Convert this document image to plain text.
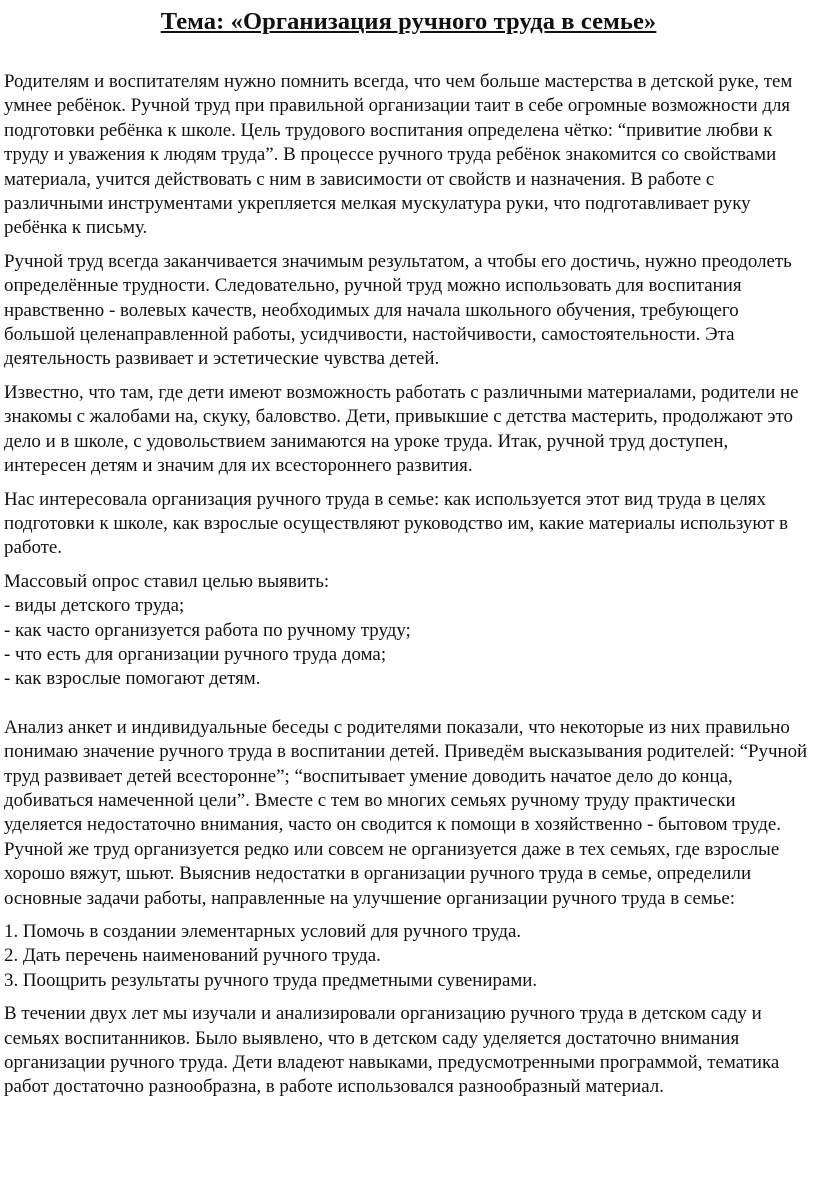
Тема: «Организация ручного труда в семье»

Родителям и воспитателям нужно помнить всегда, что чем больше мастерства в детской руке, тем умнее ребёнок. Ручной труд при правильной организации таит в себе огромные возможности для подготовки ребёнка к школе. Цель трудового воспитания определена чётко: “привитие любви к труду и уважения к людям труда”. В процессе ручного труда ребёнок знакомится со свойствами материала, учится действовать с ним в зависимости от свойств и назначения. В работе с различными инструментами укрепляется мелкая мускулатура руки, что подготавливает руку ребёнка к письму.

Ручной труд всегда заканчивается значимым результатом, а чтобы его достичь, нужно преодолеть определённые трудности. Следовательно, ручной труд можно использовать для воспитания нравственно - волевых качеств, необходимых для начала школьного обучения, требующего большой целенаправленной работы, усидчивости, настойчивости, самостоятельности. Эта деятельность развивает и эстетические чувства детей.

Известно, что там, где дети имеют возможность работать с различными материалами, родители не знакомы с жалобами на, скуку, баловство. Дети, привыкшие с детства мастерить, продолжают это дело и в школе, с удовольствием занимаются на уроке труда. Итак, ручной труд доступен, интересен детям и значим для их всестороннего развития.

Нас интересовала организация ручного труда в семье: как используется этот вид труда в целях подготовки к школе, как взрослые осуществляют руководство им, какие материалы используют в работе.

Массовый опрос ставил целью выявить:

- виды детского труда;
- как часто организуется работа по ручному труду;
- что есть для организации ручного труда дома;
- как взрослые помогают детям.

Анализ анкет и индивидуальные беседы с родителями показали, что некоторые из них правильно понимаю значение ручного труда в воспитании детей. Приведём высказывания родителей: “Ручной труд развивает детей всесторонне”; “воспитывает умение доводить начатое дело до конца, добиваться намеченной цели”. Вместе с тем во многих семьях ручному труду практически уделяется недостаточно внимания, часто он сводится к помощи в хозяйственно - бытовом труде. Ручной же труд организуется редко или совсем не организуется даже в тех семьях, где взрослые хорошо вяжут, шьют. Выяснив недостатки в организации ручного труда в семье, определили основные задачи работы, направленные на улучшение организации ручного труда в семье:

1. Помочь в создании элементарных условий для ручного труда.
2. Дать перечень наименований ручного труда.
3. Поощрить результаты ручного труда предметными сувенирами.

В течении двух лет мы изучали и анализировали организацию ручного труда в детском саду и семьях воспитанников. Было выявлено, что в детском саду уделяется достаточно внимания организации ручного труда. Дети владеют навыками, предусмотренными программой, тематика работ достаточно разнообразна, в работе использовался разнообразный материал.
